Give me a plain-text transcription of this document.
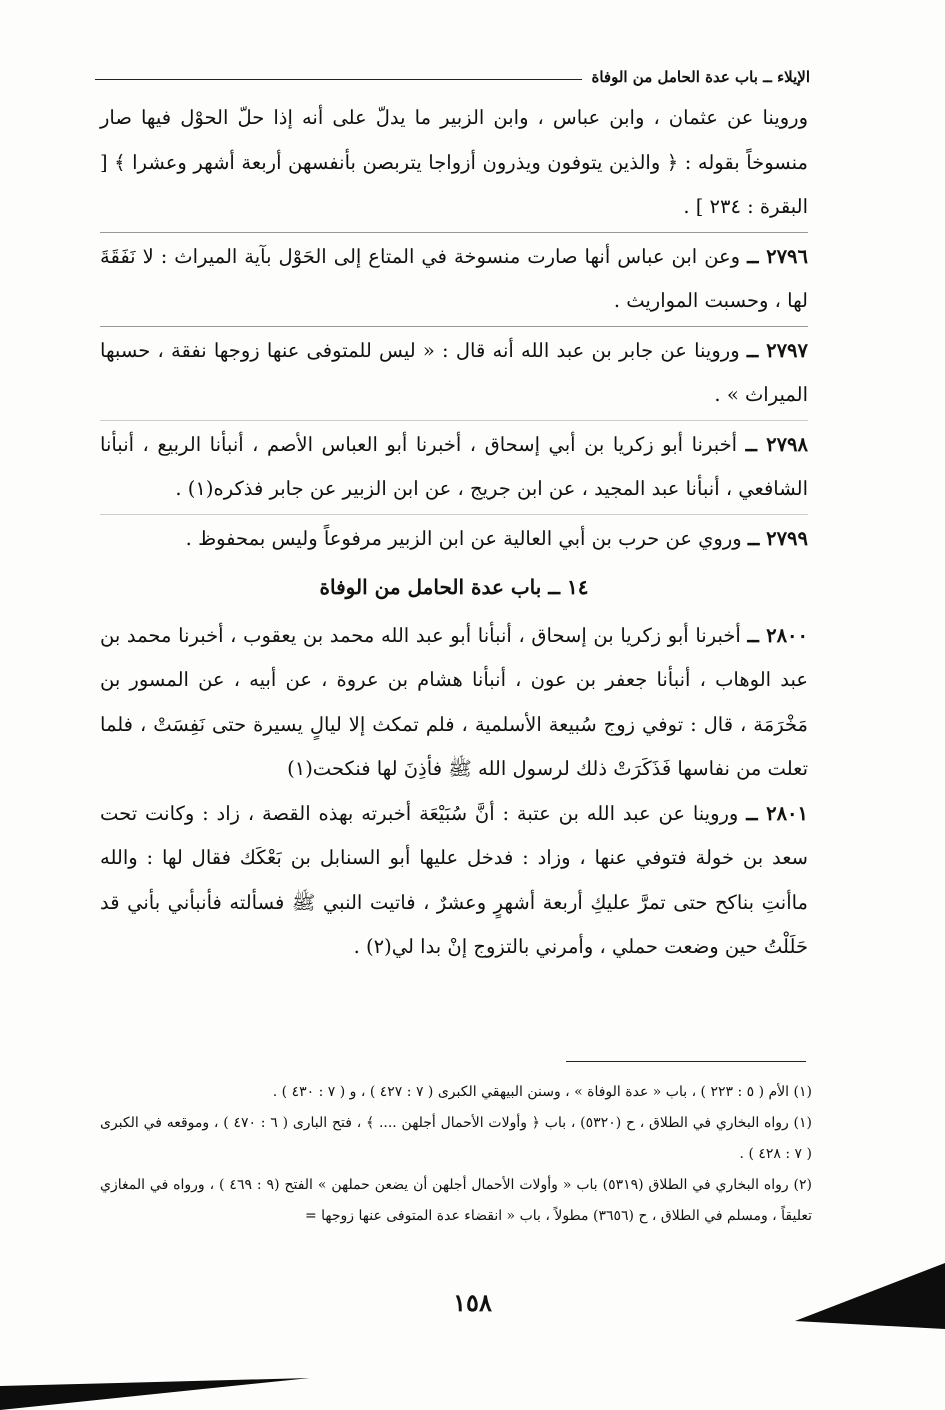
الإيلاء ــ باب عدة الحامل من الوفاة

وروينا عن عثمان ، وابن عباس ، وابن الزبير ما يدلّ على أنه إذا حلّ الحوْل فيها صار منسوخاً بقوله : ﴿ والذين يتوفون ويذرون أزواجا يتربصن بأنفسهن أربعة أشهر وعشرا ﴾ [ البقرة : ٢٣٤ ] .

٢٧٩٦ ــ وعن ابن عباس أنها صارت منسوخة في المتاع إلى الحَوْل بآية الميراث : لا نَفَقَةَ لها ، وحسبت المواريث .

٢٧٩٧ ــ وروينا عن جابر بن عبد الله أنه قال : « ليس للمتوفى عنها زوجها نفقة ، حسبها الميراث » .

٢٧٩٨ ــ أخبرنا أبو زكريا بن أبي إسحاق ، أخبرنا أبو العباس الأصم ، أنبأنا الربيع ، أنبأنا الشافعي ، أنبأنا عبد المجيد ، عن ابن جريج ، عن ابن الزبير عن جابر فذكره(١) .

٢٧٩٩ ــ وروي عن حرب بن أبي العالية عن ابن الزبير مرفوعاً وليس بمحفوظ .

١٤ ــ باب عدة الحامل من الوفاة

٢٨٠٠ ــ أخبرنا أبو زكريا بن إسحاق ، أنبأنا أبو عبد الله محمد بن يعقوب ، أخبرنا محمد بن عبد الوهاب ، أنبأنا جعفر بن عون ، أنبأنا هشام بن عروة ، عن أبيه ، عن المسور بن مَخْرَمَة ، قال : توفي زوج سُبيعة الأسلمية ، فلم تمكث إلا ليالٍ يسيرة حتى نَفِسَتْ ، فلما تعلت من نفاسها فَذَكَرَتْ ذلك لرسول الله ﷺ فأذِنَ لها فنكحت(١)

٢٨٠١ ــ وروينا عن عبد الله بن عتبة : أنَّ سُبَيْعَة أخبرته بهذه القصة ، زاد : وكانت تحت سعد بن خولة فتوفي عنها ، وزاد : فدخل عليها أبو السنابل بن بَعْكَك فقال لها : والله ماأنتِ بناكح حتى تمرَّ عليكِ أربعة أشهرٍ وعشرٌ ، فاتيت النبي ﷺ فسألته فأنبأني بأني قد حَلَلْتُ حين وضعت حملي ، وأمرني بالتزوج إنْ بدا لي(٢) .

(١) الأم ( ٥ : ٢٢٣ ) ، باب « عدة الوفاة » ، وسنن البيهقي الكبرى ( ٧ : ٤٢٧ ) ، و ( ٧ : ٤٣٠ ) .

(١) رواه البخاري في الطلاق ، ح (٥٣٢٠) ، باب ﴿ وأولات الأحمال أجلهن .... ﴾ ، فتح البارى ( ٦ : ٤٧٠ ) ، وموقعه في الكبرى ( ٧ : ٤٢٨ ) .

(٢) رواه البخاري في الطلاق (٥٣١٩) باب « وأولات الأحمال أجلهن أن يضعن حملهن » الفتح (٩ : ٤٦٩ ) ، ورواه في المغازي تعليقاً ، ومسلم في الطلاق ، ح (٣٦٥٦) مطولاً ، باب « انقضاء عدة المتوفى عنها زوجها =

١٥٨
